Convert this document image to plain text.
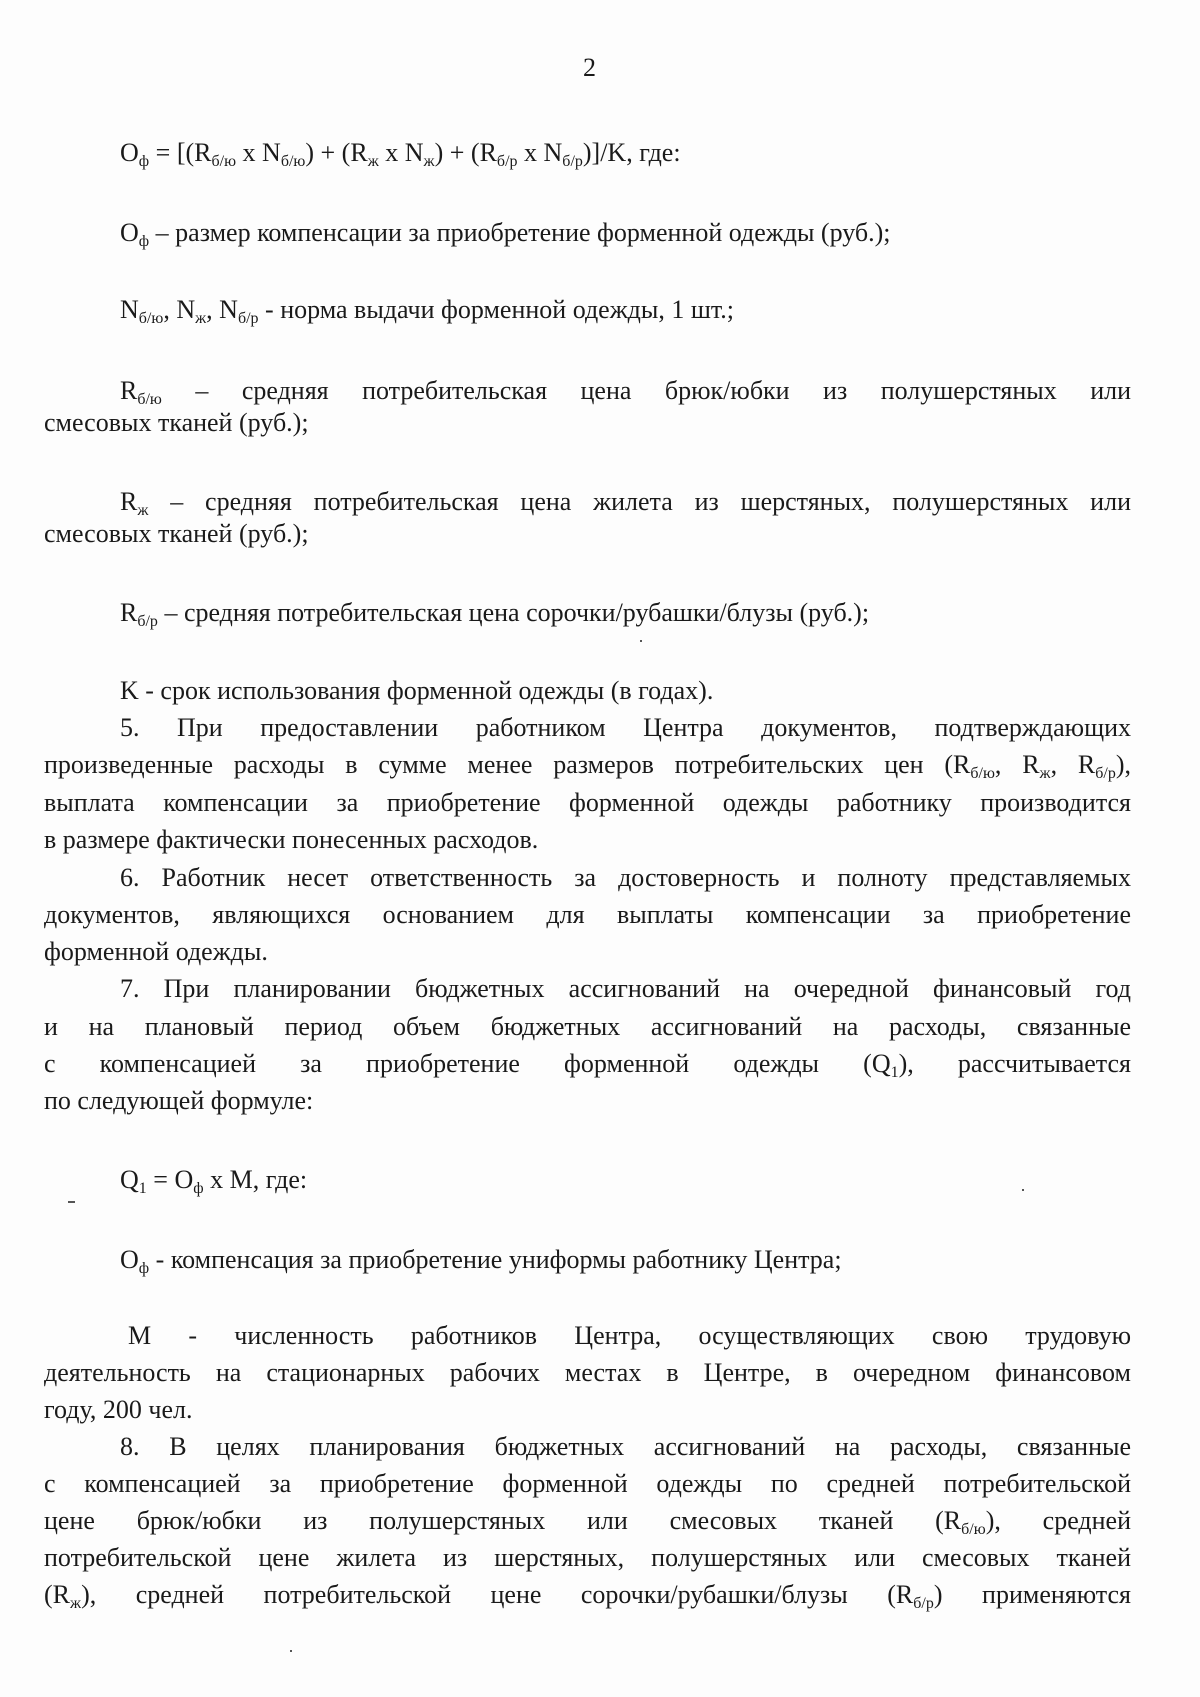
2
$О_ф = [(R_{б/ю}$ x $N_{б/ю}) + (R_ж$ x $N_ж) + (R_{б/р}$ x $N_{б/р})]/K$, где:
$О_ф$ – размер компенсации за приобретение форменной одежды (руб.);
$N_{б/ю}$, $N_ж$, $N_{б/р}$ - норма выдачи форменной одежды, 1 шт.;
$R_{б/ю}$ – средняя потребительская цена брюк/юбки из полушерстяных или
смесовых тканей (руб.);
$R_ж$ – средняя потребительская цена жилета из шерстяных, полушерстяных или
смесовых тканей (руб.);
$R_{б/р}$ – средняя потребительская цена сорочки/рубашки/блузы (руб.);
K - срок использования форменной одежды (в годах).
5. При предоставлении работником Центра документов, подтверждающих
произведенные расходы в сумме менее размеров потребительских цен ($R_{б/ю}$, $R_ж$, $R_{б/р}$),
выплата компенсации за приобретение форменной одежды работнику производится
в размере фактически понесенных расходов.
6. Работник несет ответственность за достоверность и полноту представляемых
документов, являющихся основанием для выплаты компенсации за приобретение
форменной одежды.
7. При планировании бюджетных ассигнований на очередной финансовый год
и на плановый период объем бюджетных ассигнований на расходы, связанные
с компенсацией за приобретение форменной одежды $(Q_1)$, рассчитывается
по следующей формуле:
$Q_1 = О_ф$ x M, где:
$О_ф$ - компенсация за приобретение униформы работнику Центра;
M - численность работников Центра, осуществляющих свою трудовую
деятельность на стационарных рабочих местах в Центре, в очередном финансовом
году, 200 чел.
8. В целях планирования бюджетных ассигнований на расходы, связанные
с компенсацией за приобретение форменной одежды по средней потребительской
цене брюк/юбки из полушерстяных или смесовых тканей $(R_{б/ю})$, средней
потребительской цене жилета из шерстяных, полушерстяных или смесовых тканей
$(R_ж)$, средней потребительской цене сорочки/рубашки/блузы $(R_{б/р})$ применяются
